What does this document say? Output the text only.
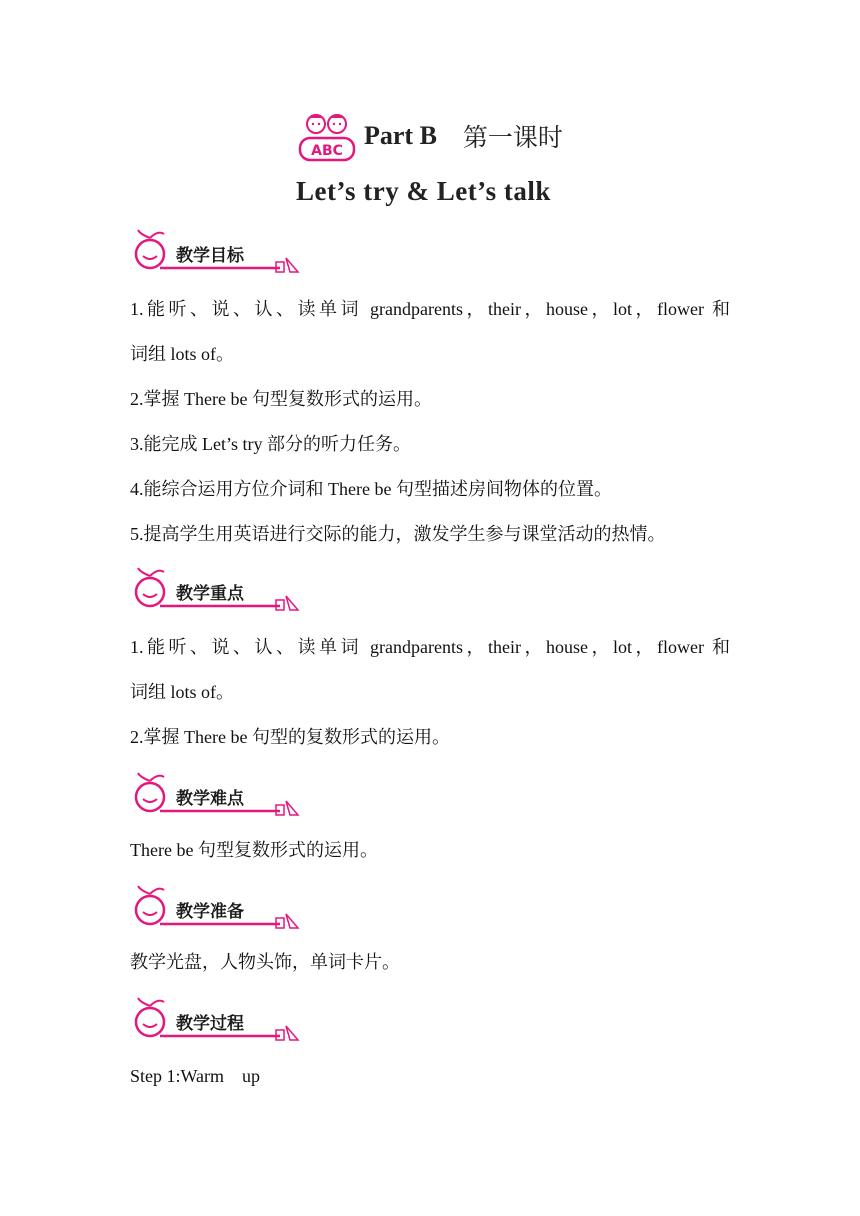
ABC
Part B 第一课时
Let’s try & Let’s talk
教学目标
1.能听、说、认、读单词 grandparents，their，house，lot，flower 和
词组 lots of。
2.掌握 There be 句型复数形式的运用。
3.能完成 Let’s try 部分的听力任务。
4.能综合运用方位介词和 There be 句型描述房间物体的位置。
5.提高学生用英语进行交际的能力，激发学生参与课堂活动的热情。
教学重点
1.能听、说、认、读单词 grandparents，their，house，lot，flower 和
词组 lots of。
2.掌握 There be 句型的复数形式的运用。
教学难点
There be 句型复数形式的运用。
教学准备
教学光盘，人物头饰，单词卡片。
教学过程
Step 1:Warm    up
